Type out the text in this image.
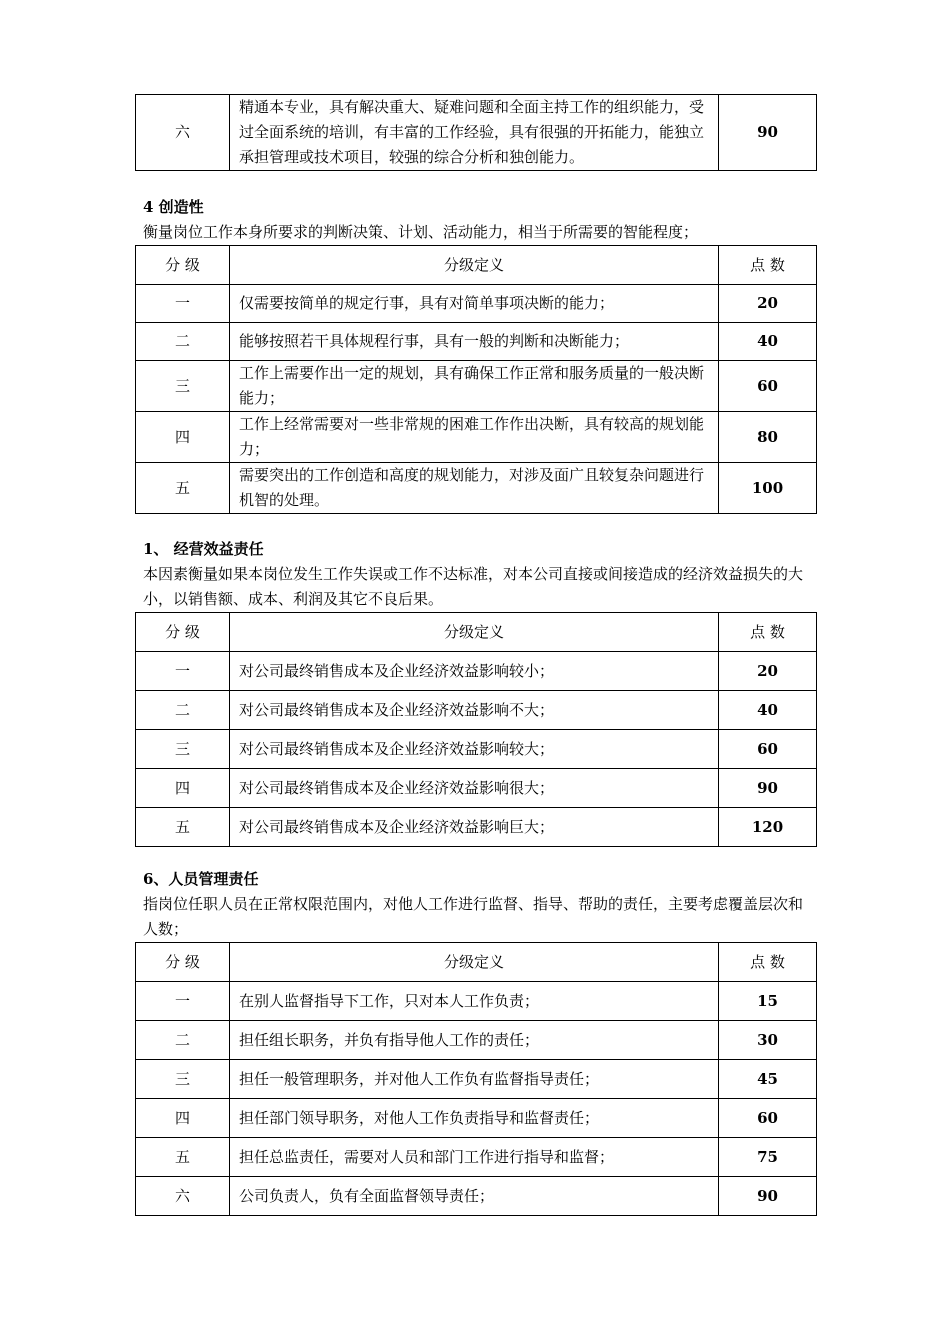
六	精通本专业，具有解决重大、疑难问题和全面主持工作的组织能力，受过全面系统的培训，有丰富的工作经验，具有很强的开拓能力，能独立承担管理或技术项目，较强的综合分析和独创能力。	90
4 创造性
衡量岗位工作本身所要求的判断决策、计划、活动能力，相当于所需要的智能程度；
分 级	分级定义	点 数
一	仅需要按简单的规定行事，具有对简单事项决断的能力；	20
二	能够按照若干具体规程行事，具有一般的判断和决断能力；	40
三	工作上需要作出一定的规划，具有确保工作正常和服务质量的一般决断能力；	60
四	工作上经常需要对一些非常规的困难工作作出决断，具有较高的规划能力；	80
五	需要突出的工作创造和高度的规划能力，对涉及面广且较复杂问题进行机智的处理。	100
1、 经营效益责任
本因素衡量如果本岗位发生工作失误或工作不达标准，对本公司直接或间接造成的经济效益损失的大小，以销售额、成本、利润及其它不良后果。
分 级	分级定义	点 数
一	对公司最终销售成本及企业经济效益影响较小；	20
二	对公司最终销售成本及企业经济效益影响不大；	40
三	对公司最终销售成本及企业经济效益影响较大；	60
四	对公司最终销售成本及企业经济效益影响很大；	90
五	对公司最终销售成本及企业经济效益影响巨大；	120
6、人员管理责任
指岗位任职人员在正常权限范围内，对他人工作进行监督、指导、帮助的责任，主要考虑覆盖层次和人数；
分 级	分级定义	点 数
一	在别人监督指导下工作，只对本人工作负责；	15
二	担任组长职务，并负有指导他人工作的责任；	30
三	担任一般管理职务，并对他人工作负有监督指导责任；	45
四	担任部门领导职务，对他人工作负责指导和监督责任；	60
五	担任总监责任，需要对人员和部门工作进行指导和监督；	75
六	公司负责人，负有全面监督领导责任；	90
